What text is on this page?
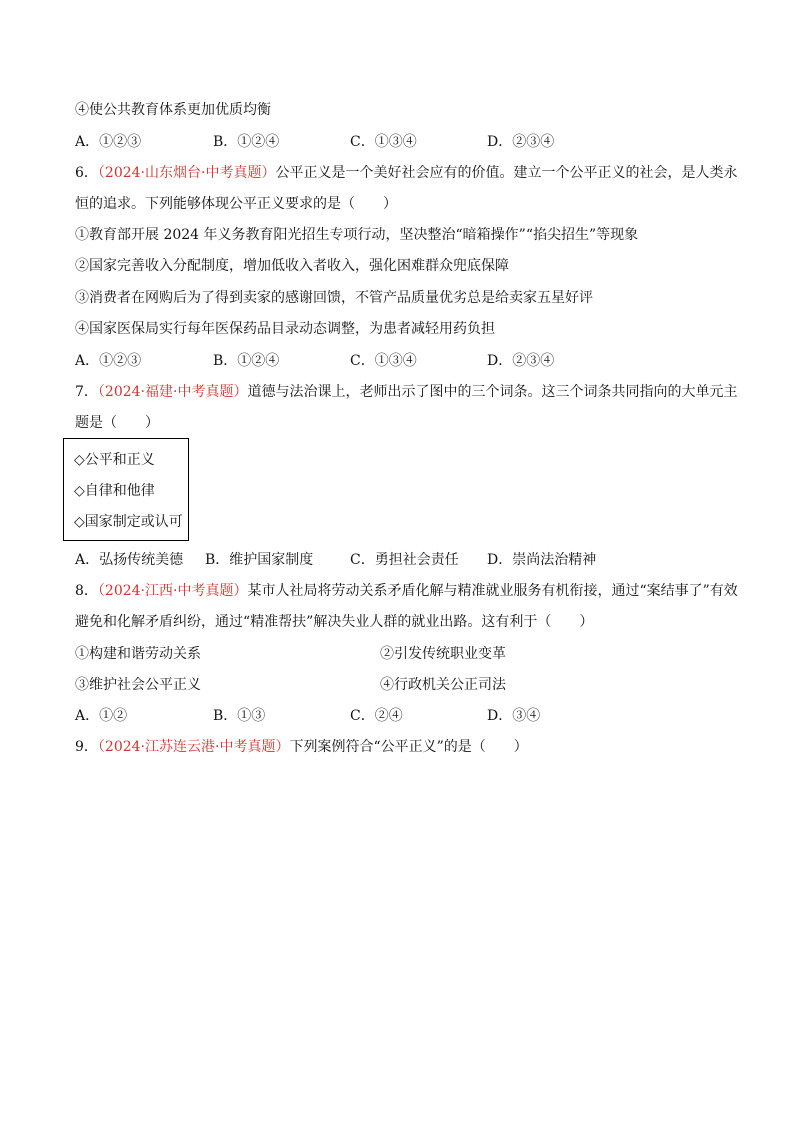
④使公共教育体系更加优质均衡
A．①②③	B．①②④	C．①③④	D．②③④
6．（2024·山东烟台·中考真题）公平正义是一个美好社会应有的价值。建立一个公平正义的社会，是人类永
恒的追求。下列能够体现公平正义要求的是（ ）
①教育部开展 2024 年义务教育阳光招生专项行动，坚决整治“暗箱操作”“掐尖招生”等现象
②国家完善收入分配制度，增加低收入者收入，强化困难群众兜底保障
③消费者在网购后为了得到卖家的感谢回馈，不管产品质量优劣总是给卖家五星好评
④国家医保局实行每年医保药品目录动态调整，为患者减轻用药负担
A．①②③	B．①②④	C．①③④	D．②③④
7．（2024·福建·中考真题）道德与法治课上，老师出示了图中的三个词条。这三个词条共同指向的大单元主
题是（ ）
◇公平和正义
◇自律和他律
◇国家制定或认可
A．弘扬传统美德 B．维护国家制度	C．勇担社会责任 D．崇尚法治精神
8．（2024·江西·中考真题）某市人社局将劳动关系矛盾化解与精准就业服务有机衔接，通过“案结事了”有效
避免和化解矛盾纠纷，通过“精准帮扶”解决失业人群的就业出路。这有利于（ ）
①构建和谐劳动关系	②引发传统职业变革
③维护社会公平正义	④行政机关公正司法
A．①②	B．①③	C．②④	D．③④
9．（2024·江苏连云港·中考真题）下列案例符合“公平正义”的是（ ）
